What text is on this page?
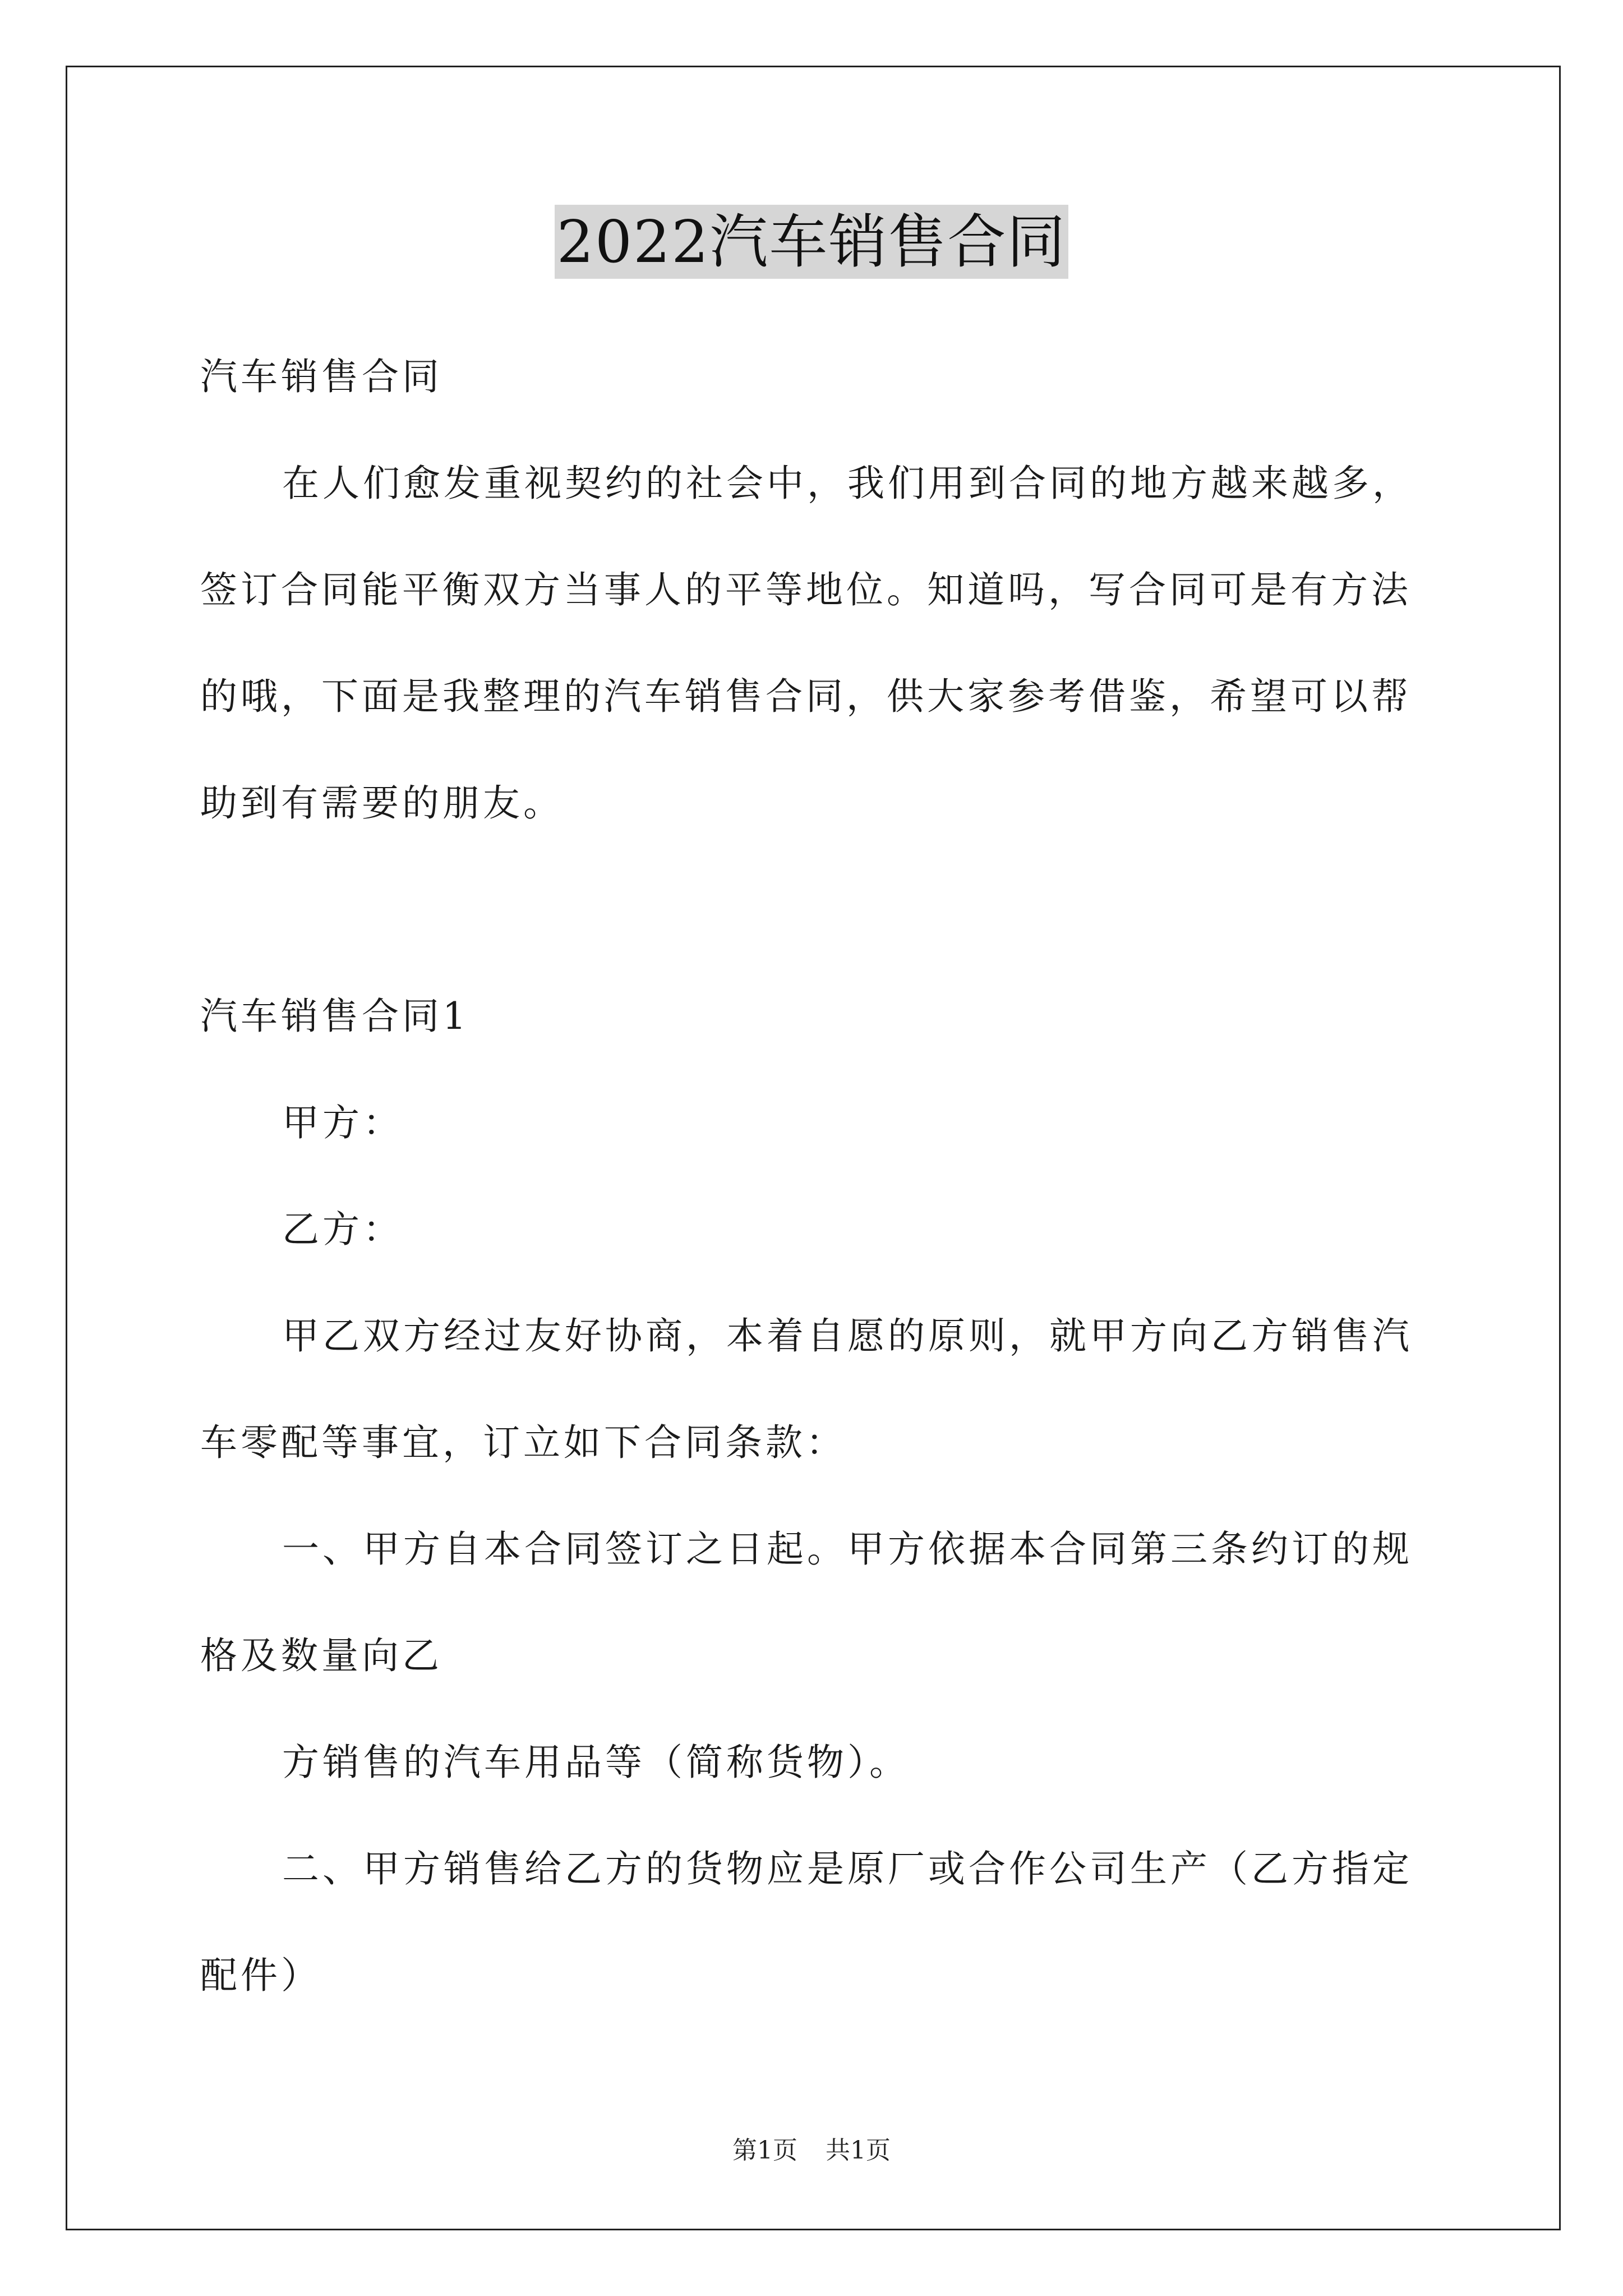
2022汽车销售合同
汽车销售合同
在人们愈发重视契约的社会中，我们用到合同的地方越来越多，
签订合同能平衡双方当事人的平等地位。知道吗，写合同可是有方法
的哦，下面是我整理的汽车销售合同，供大家参考借鉴，希望可以帮
助到有需要的朋友。
汽车销售合同1
甲方：
乙方：
甲乙双方经过友好协商，本着自愿的原则，就甲方向乙方销售汽
车零配等事宜，订立如下合同条款：
一、甲方自本合同签订之日起。甲方依据本合同第三条约订的规
格及数量向乙
方销售的汽车用品等（简称货物）。
二、甲方销售给乙方的货物应是原厂或合作公司生产（乙方指定
配件）
第1页 共1页
